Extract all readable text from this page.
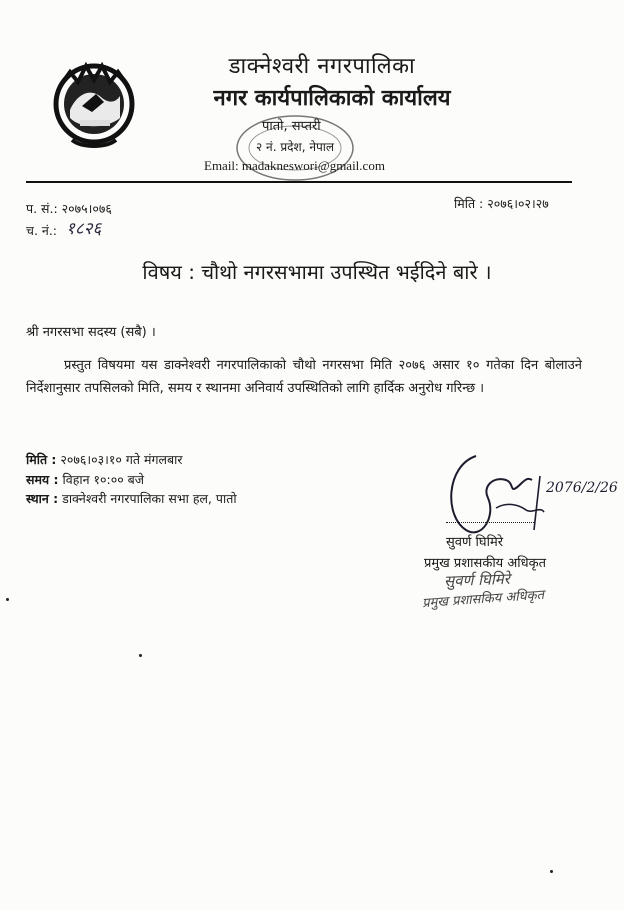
डाक्नेश्वरी नगरपालिका
नगर कार्यपालिकाको कार्यालय
पातो, सप्तरी
२ नं. प्रदेश, नेपाल
Email: madakneswori@gmail.com
प. सं.: २०७५।०७६
च. नं.: १८२६
मिति : २०७६।०२।२७
विषय : चौथो नगरसभामा उपस्थित भईदिने बारे ।
श्री नगरसभा सदस्य (सबै) ।
प्रस्तुत विषयमा यस डाक्नेश्वरी नगरपालिकाको चौथो नगरसभा मिति २०७६ असार १० गतेका दिन बोलाउने निर्देशानुसार तपसिलको मिति, समय र स्थानमा अनिवार्य उपस्थितिको लागि हार्दिक अनुरोध गरिन्छ ।
मिति : २०७६।०३।१० गते मंगलबार
समय : विहान १०:०० बजे
स्थान : डाक्नेश्वरी नगरपालिका सभा हल, पातो
2076/2/26
सुवर्ण घिमिरे
प्रमुख प्रशासकीय अधिकृत
सुवर्ण घिमिरे
प्रमुख प्रशासकिय अधिकृत
